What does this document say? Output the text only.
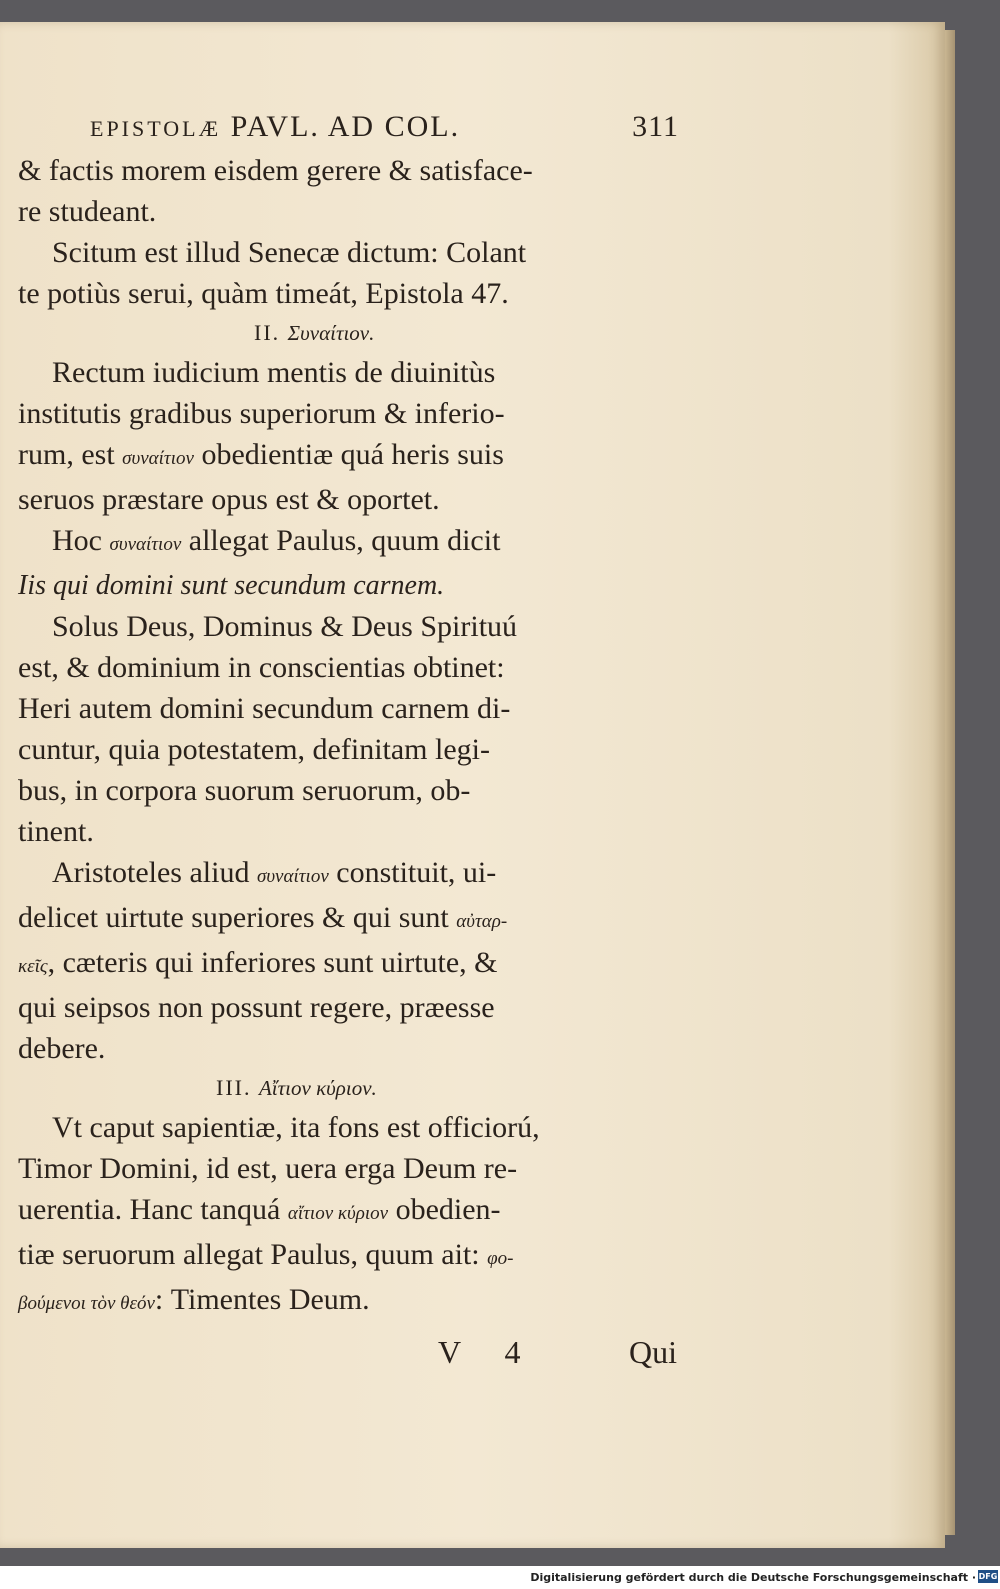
EPISTOLÆ PAVL. AD COL.	311

& factis morem eisdem gerere & satisface-

re studeant.

Scitum est illud Senecæ dictum: Colant

te potiùs serui, quàm timeát, Epistola 47.

II. Συναίτιον.

Rectum iudicium mentis de diuinitùs

institutis gradibus superiorum & inferio-

rum, est συναίτιον obedientiæ quá heris suis

seruos præstare opus est & oportet.

Hoc συναίτιον allegat Paulus, quum dicit

Iis qui domini sunt secundum carnem.

Solus Deus, Dominus & Deus Spirituú

est, & dominium in conscientias obtinet:

Heri autem domini secundum carnem di-

cuntur, quia potestatem, definitam legi-

bus, in corpora suorum seruorum, ob-

tinent.

Aristoteles aliud συναίτιον constituit, ui-

delicet uirtute superiores & qui sunt αὐταρ-

κεῖς, cæteris qui inferiores sunt uirtute, &

qui seipsos non possunt regere, præesse

debere.

III. Αἴτιον κύριον.

Vt caput sapientiæ, ita fons est officiorú,

Timor Domini, id est, uera erga Deum re-

uerentia. Hanc tanquá αἴτιον κύριον obedien-

tiæ seruorum allegat Paulus, quum ait: φο-

βούμενοι τὸν θεόν: Timentes Deum.

V 4	Qui
Digitalisierung gefördert durch die Deutsche Forschungsgemeinschaft · DFG
